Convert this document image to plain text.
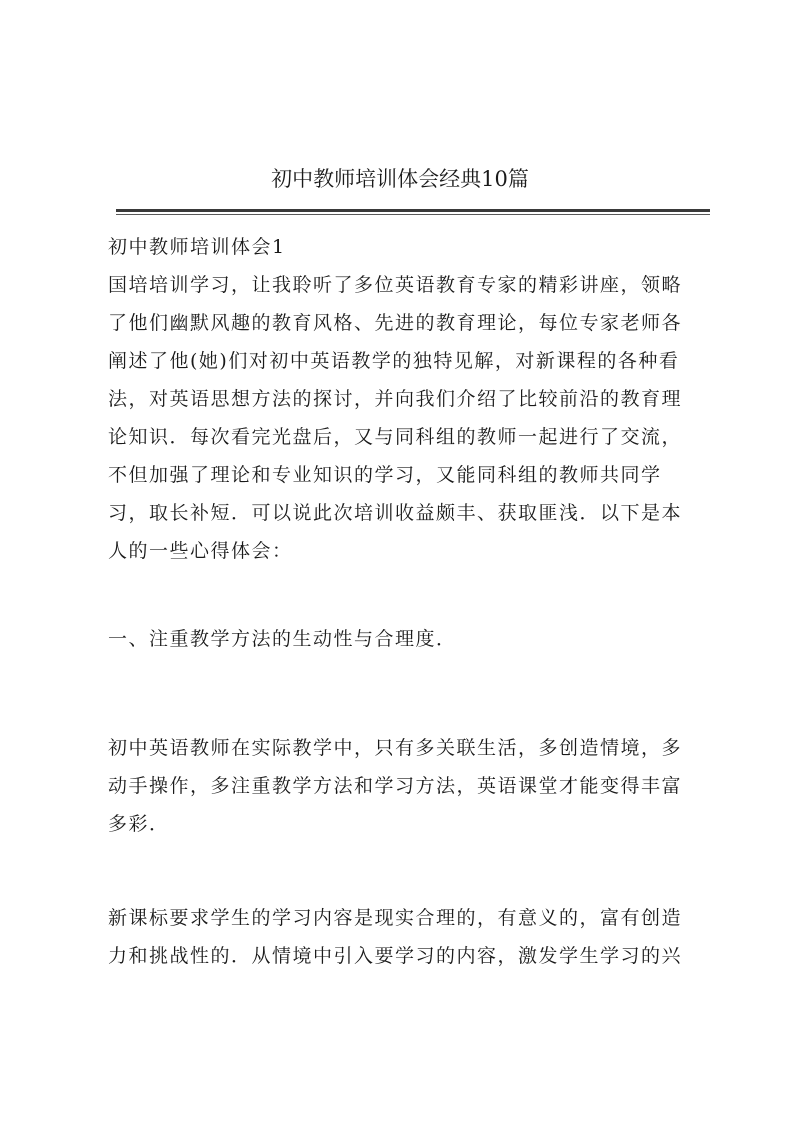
初中教师培训体会经典10篇
初中教师培训体会1
国培培训学习，让我聆听了多位英语教育专家的精彩讲座，领略
了他们幽默风趣的教育风格、先进的教育理论，每位专家老师各
阐述了他(她)们对初中英语教学的独特见解，对新课程的各种看
法，对英语思想方法的探讨，并向我们介绍了比较前沿的教育理
论知识．每次看完光盘后，又与同科组的教师一起进行了交流，
不但加强了理论和专业知识的学习，又能同科组的教师共同学
习，取长补短．可以说此次培训收益颇丰、获取匪浅．以下是本
人的一些心得体会：
一、注重教学方法的生动性与合理度．
初中英语教师在实际教学中，只有多关联生活，多创造情境，多
动手操作，多注重教学方法和学习方法，英语课堂才能变得丰富
多彩．
新课标要求学生的学习内容是现实合理的，有意义的，富有创造
力和挑战性的．从情境中引入要学习的内容，激发学生学习的兴
